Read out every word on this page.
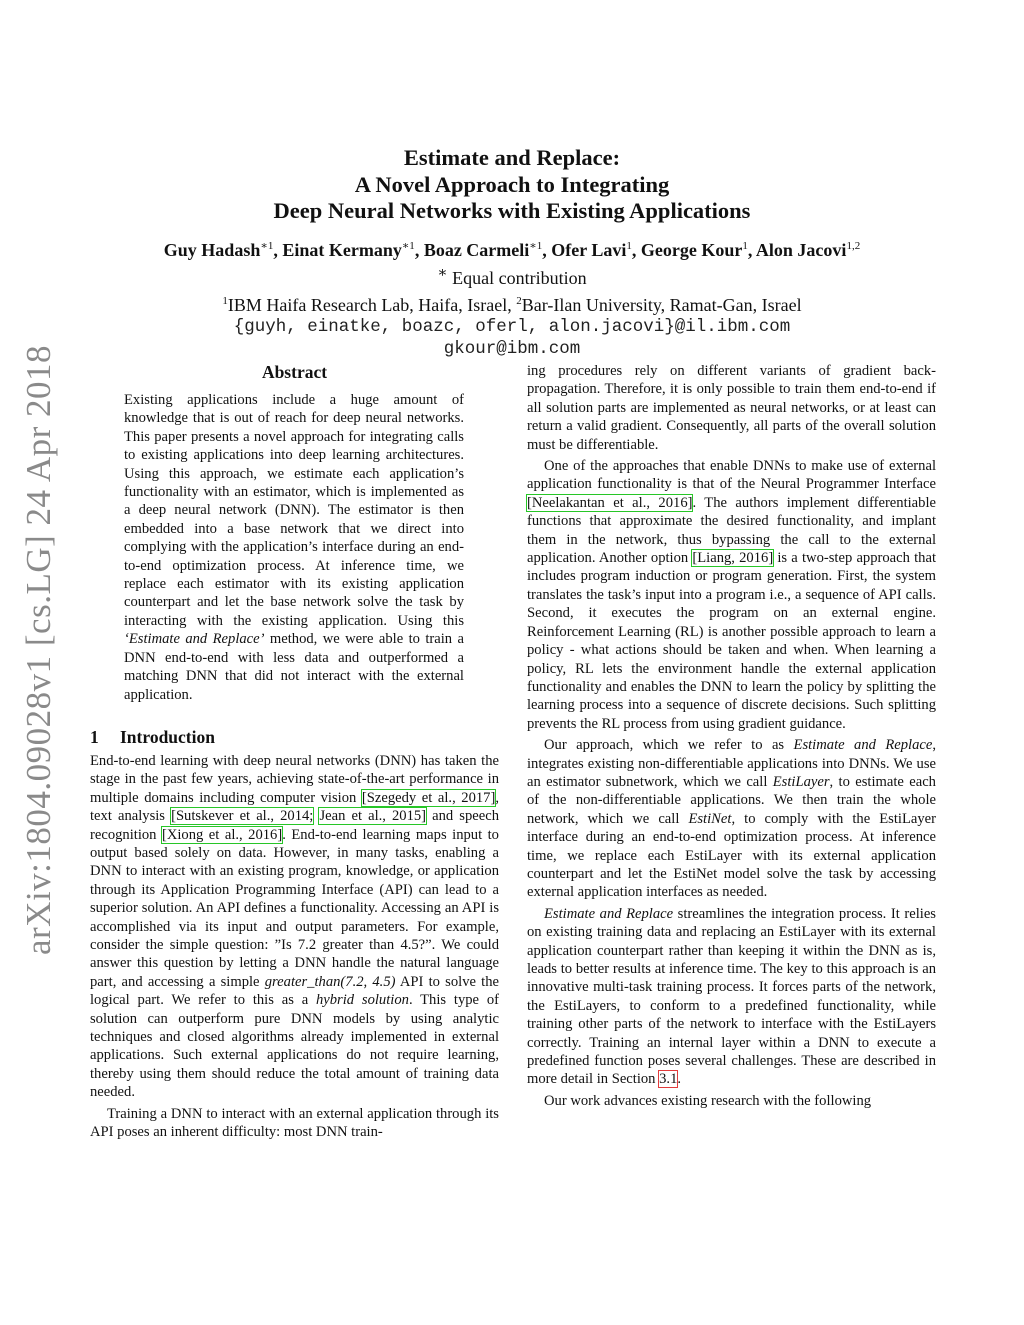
arXiv:1804.09028v1 [cs.LG] 24 Apr 2018
Estimate and Replace:
A Novel Approach to Integrating
Deep Neural Networks with Existing Applications
Guy Hadash$^{∗1}$, Einat Kermany$^{∗1}$, Boaz Carmeli$^{∗1}$, Ofer Lavi$^1$, George Kour$^1$, Alon Jacovi$^{1,2}$
∗ Equal contribution
$^1$IBM Haifa Research Lab, Haifa, Israel, $^2$Bar-Ilan University, Ramat-Gan, Israel
{guyh, einatke, boazc, oferl, alon.jacovi}@il.ibm.com
gkour@ibm.com
Abstract

Existing applications include a huge amount of knowledge that is out of reach for deep neural networks. This paper presents a novel approach for integrating calls to existing applications into deep learning architectures. Using this approach, we estimate each application’s functionality with an estimator, which is implemented as a deep neural network (DNN). The estimator is then embedded into a base network that we direct into complying with the application’s interface during an end-to-end optimization process. At inference time, we replace each estimator with its existing application counterpart and let the base network solve the task by interacting with the existing application. Using this ‘Estimate and Replace’ method, we were able to train a DNN end-to-end with less data and outperformed a matching DNN that did not interact with the external application.

1 Introduction

End-to-end learning with deep neural networks (DNN) has taken the stage in the past few years, achieving state-of-the-art performance in multiple domains including computer vision [Szegedy et al., 2017], text analysis [Sutskever et al., 2014; Jean et al., 2015] and speech recognition [Xiong et al., 2016]. End-to-end learning maps input to output based solely on data. However, in many tasks, enabling a DNN to interact with an existing program, knowledge, or application through its Application Programming Interface (API) can lead to a superior solution. An API defines a functionality. Accessing an API is accomplished via its input and output parameters. For example, consider the simple question: ”Is 7.2 greater than 4.5?”. We could answer this question by letting a DNN handle the natural language part, and accessing a simple greater_than(7.2, 4.5) API to solve the logical part. We refer to this as a hybrid solution. This type of solution can outperform pure DNN models by using analytic techniques and closed algorithms already implemented in external applications. Such external applications do not require learning, thereby using them should reduce the total amount of training data needed.

Training a DNN to interact with an external application through its API poses an inherent difficulty: most DNN train-

ing procedures rely on different variants of gradient back-propagation. Therefore, it is only possible to train them end-to-end if all solution parts are implemented as neural networks, or at least can return a valid gradient. Consequently, all parts of the overall solution must be differentiable.

One of the approaches that enable DNNs to make use of external application functionality is that of the Neural Programmer Interface [Neelakantan et al., 2016]. The authors implement differentiable functions that approximate the desired functionality, and implant them in the network, thus bypassing the call to the external application. Another option [Liang, 2016] is a two-step approach that includes program induction or program generation. First, the system translates the task’s input into a program i.e., a sequence of API calls. Second, it executes the program on an external engine. Reinforcement Learning (RL) is another possible approach to learn a policy - what actions should be taken and when. When learning a policy, RL lets the environment handle the external application functionality and enables the DNN to learn the policy by splitting the learning process into a sequence of discrete decisions. Such splitting prevents the RL process from using gradient guidance.

Our approach, which we refer to as Estimate and Replace, integrates existing non-differentiable applications into DNNs. We use an estimator subnetwork, which we call EstiLayer, to estimate each of the non-differentiable applications. We then train the whole network, which we call EstiNet, to comply with the EstiLayer interface during an end-to-end optimization process. At inference time, we replace each EstiLayer with its external application counterpart and let the EstiNet model solve the task by accessing external application interfaces as needed.

Estimate and Replace streamlines the integration process. It relies on existing training data and replacing an EstiLayer with its external application counterpart rather than keeping it within the DNN as is, leads to better results at inference time. The key to this approach is an innovative multi-task training process. It forces parts of the network, the EstiLayers, to conform to a predefined functionality, while training other parts of the network to interface with the EstiLayers correctly. Training an internal layer within a DNN to execute a predefined function poses several challenges. These are described in more detail in Section 3.1.

Our work advances existing research with the following
